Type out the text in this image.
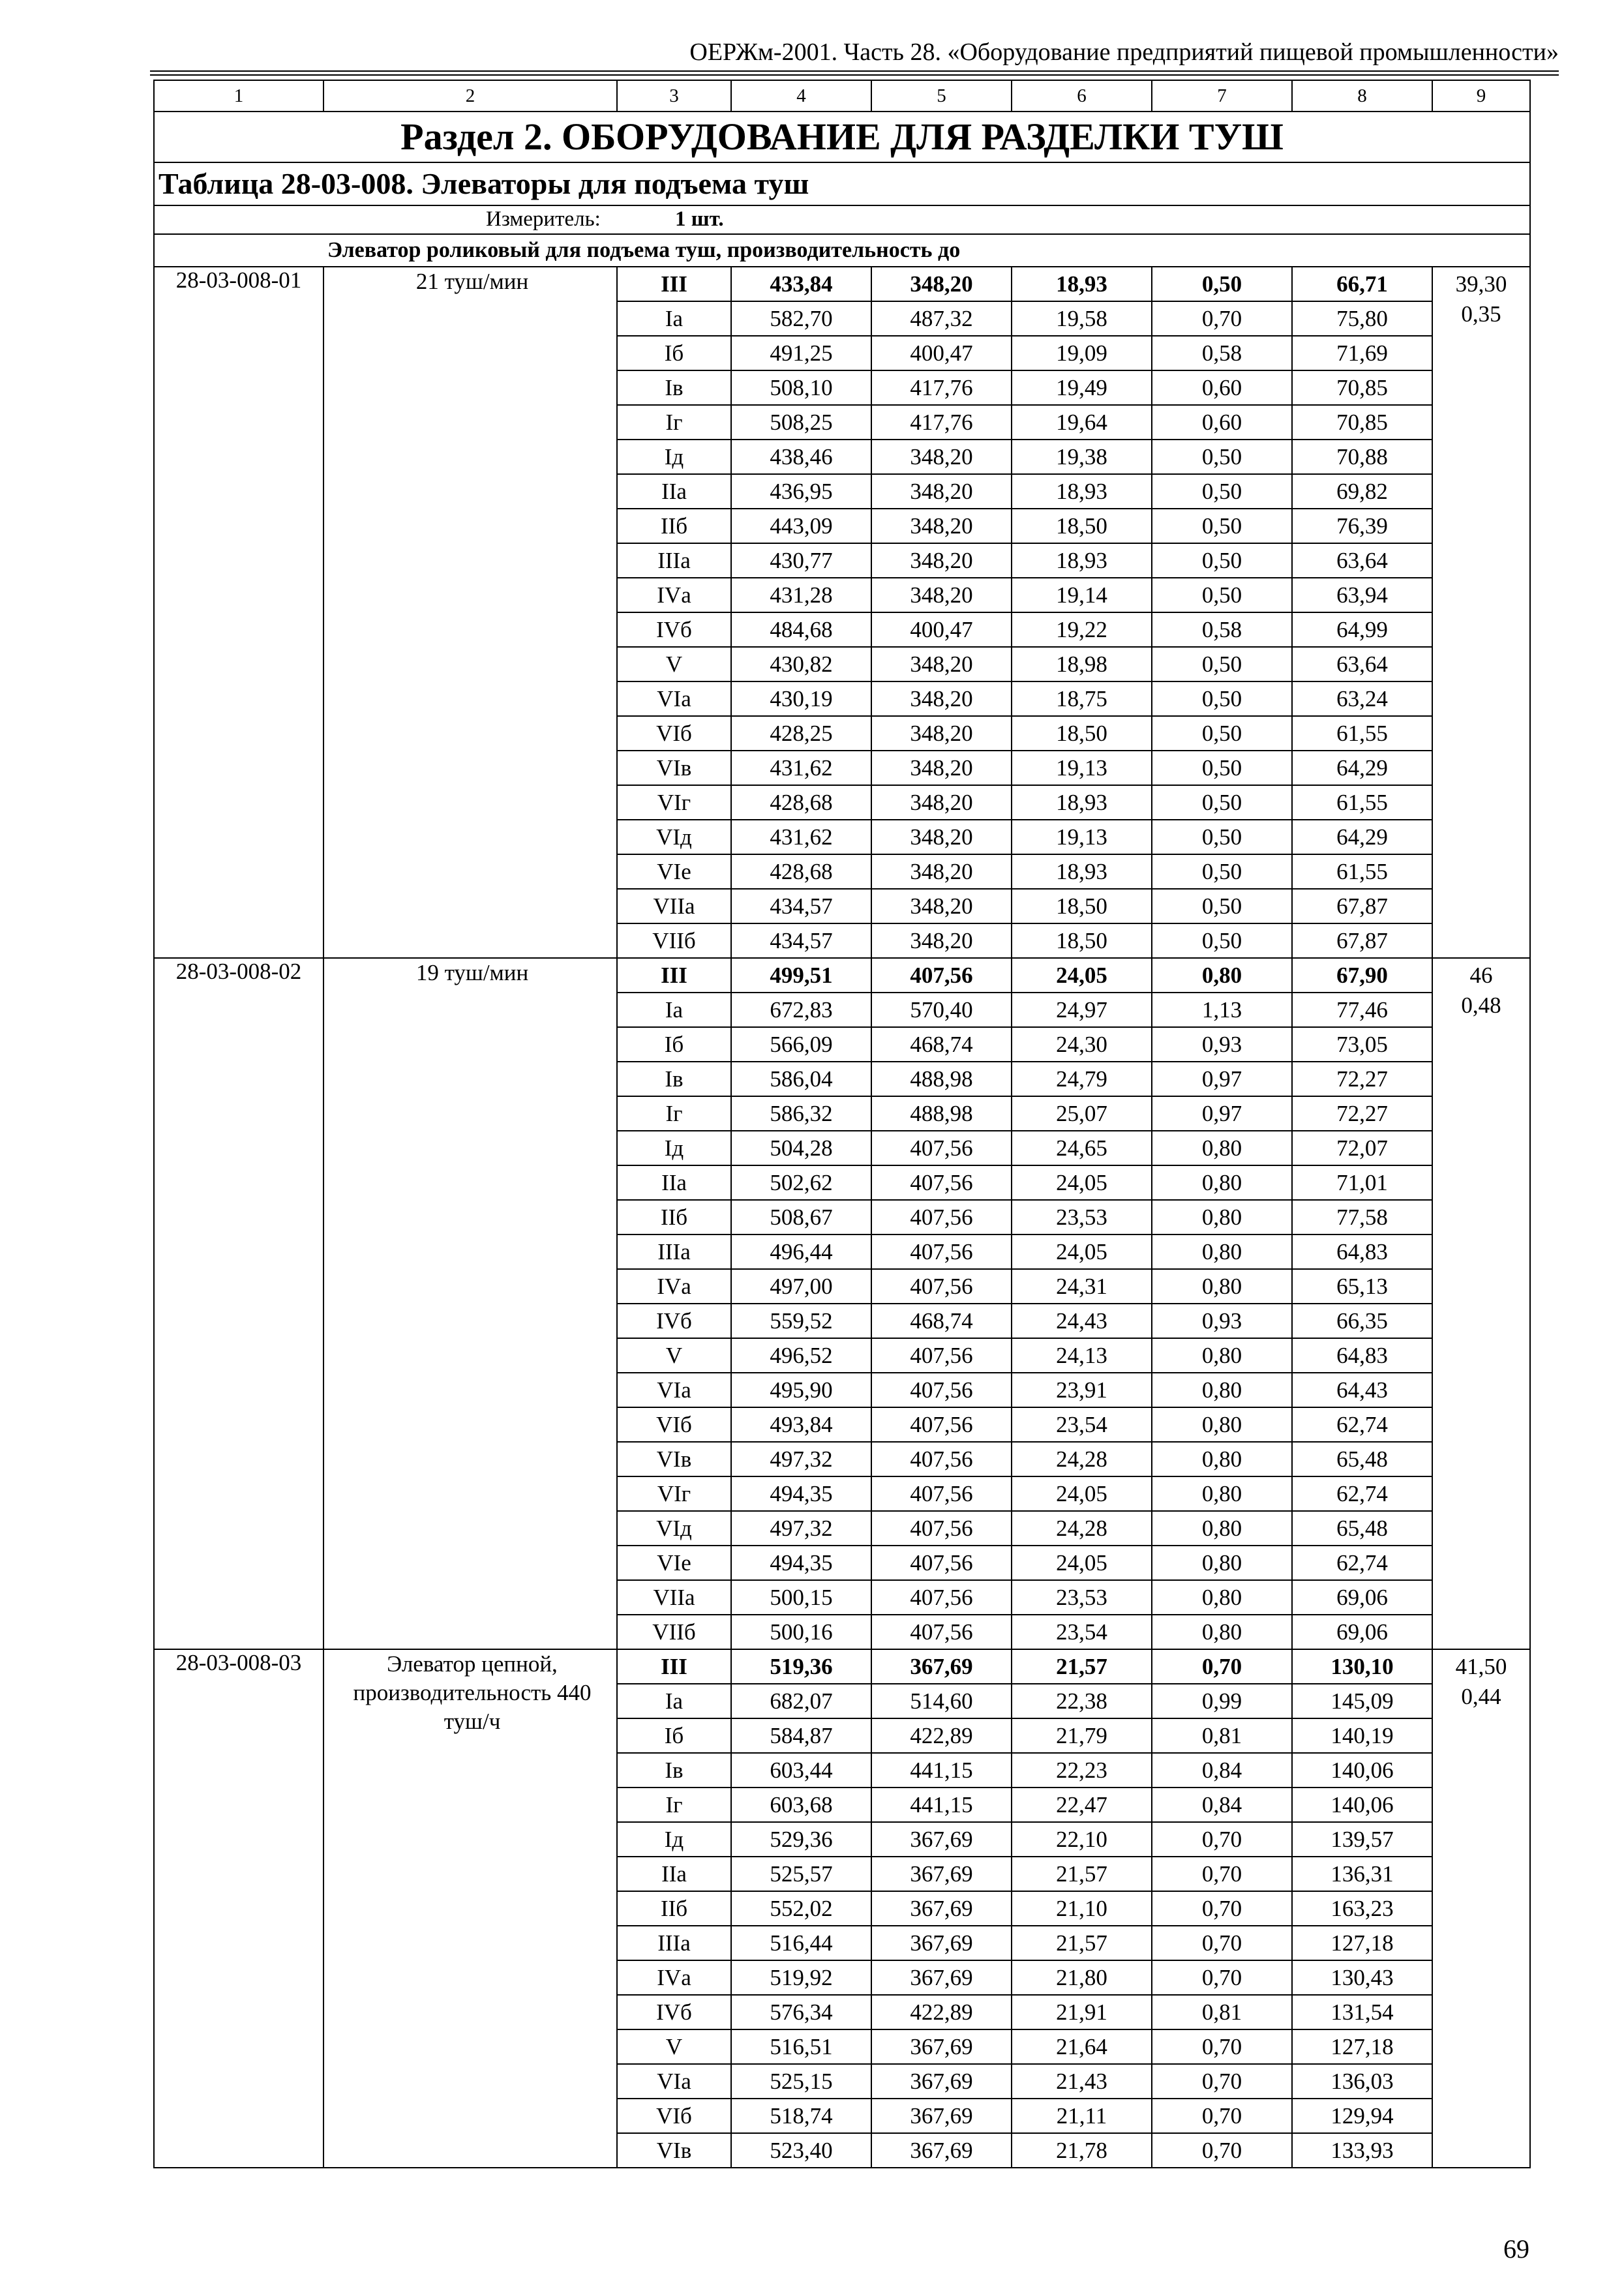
ОЕРЖм-2001. Часть 28. «Оборудование предприятий пищевой промышленности»
1	2	3	4	5	6	7	8	9
Раздел 2. ОБОРУДОВАНИЕ ДЛЯ РАЗДЕЛКИ ТУШ								
Таблица 28-03-008. Элеваторы для подъема туш								

Измеритель: 1 шт.								

	Элеватор роликовый для подъема туш, производительность до							
28-03-008-01	21 туш/мин	III	433,84	348,20	18,93	0,50	66,71	39,30
		Iа	582,70	487,32	19,58	0,70	75,80	0,35
		Iб	491,25	400,47	19,09	0,58	71,69	
		Iв	508,10	417,76	19,49	0,60	70,85	
		Iг	508,25	417,76	19,64	0,60	70,85	
		Iд	438,46	348,20	19,38	0,50	70,88	
		IIа	436,95	348,20	18,93	0,50	69,82	
		IIб	443,09	348,20	18,50	0,50	76,39	
		IIIа	430,77	348,20	18,93	0,50	63,64	
		IVа	431,28	348,20	19,14	0,50	63,94	
		IVб	484,68	400,47	19,22	0,58	64,99	
		V	430,82	348,20	18,98	0,50	63,64	
		VIа	430,19	348,20	18,75	0,50	63,24	
		VIб	428,25	348,20	18,50	0,50	61,55	
		VIв	431,62	348,20	19,13	0,50	64,29	
		VIг	428,68	348,20	18,93	0,50	61,55	
		VIд	431,62	348,20	19,13	0,50	64,29	
		VIе	428,68	348,20	18,93	0,50	61,55	
		VIIа	434,57	348,20	18,50	0,50	67,87	
		VIIб	434,57	348,20	18,50	0,50	67,87	
28-03-008-02	19 туш/мин	III	499,51	407,56	24,05	0,80	67,90	46
		Iа	672,83	570,40	24,97	1,13	77,46	0,48
		Iб	566,09	468,74	24,30	0,93	73,05	
		Iв	586,04	488,98	24,79	0,97	72,27	
		Iг	586,32	488,98	25,07	0,97	72,27	
		Iд	504,28	407,56	24,65	0,80	72,07	
		IIа	502,62	407,56	24,05	0,80	71,01	
		IIб	508,67	407,56	23,53	0,80	77,58	
		IIIа	496,44	407,56	24,05	0,80	64,83	
		IVа	497,00	407,56	24,31	0,80	65,13	
		IVб	559,52	468,74	24,43	0,93	66,35	
		V	496,52	407,56	24,13	0,80	64,83	
		VIа	495,90	407,56	23,91	0,80	64,43	
		VIб	493,84	407,56	23,54	0,80	62,74	
		VIв	497,32	407,56	24,28	0,80	65,48	
		VIг	494,35	407,56	24,05	0,80	62,74	
		VIд	497,32	407,56	24,28	0,80	65,48	
		VIе	494,35	407,56	24,05	0,80	62,74	
		VIIа	500,15	407,56	23,53	0,80	69,06	
		VIIб	500,16	407,56	23,54	0,80	69,06	
28-03-008-03	Элеватор цепной, производительность 440 туш/ч	III	519,36	367,69	21,57	0,70	130,10	41,50
		Iа	682,07	514,60	22,38	0,99	145,09	0,44
		Iб	584,87	422,89	21,79	0,81	140,19	
		Iв	603,44	441,15	22,23	0,84	140,06	
		Iг	603,68	441,15	22,47	0,84	140,06	
		Iд	529,36	367,69	22,10	0,70	139,57	
		IIа	525,57	367,69	21,57	0,70	136,31	
		IIб	552,02	367,69	21,10	0,70	163,23	
		IIIа	516,44	367,69	21,57	0,70	127,18	
		IVа	519,92	367,69	21,80	0,70	130,43	
		IVб	576,34	422,89	21,91	0,81	131,54	
		V	516,51	367,69	21,64	0,70	127,18	
		VIа	525,15	367,69	21,43	0,70	136,03	
		VIб	518,74	367,69	21,11	0,70	129,94	
		VIв	523,40	367,69	21,78	0,70	133,93	
69
